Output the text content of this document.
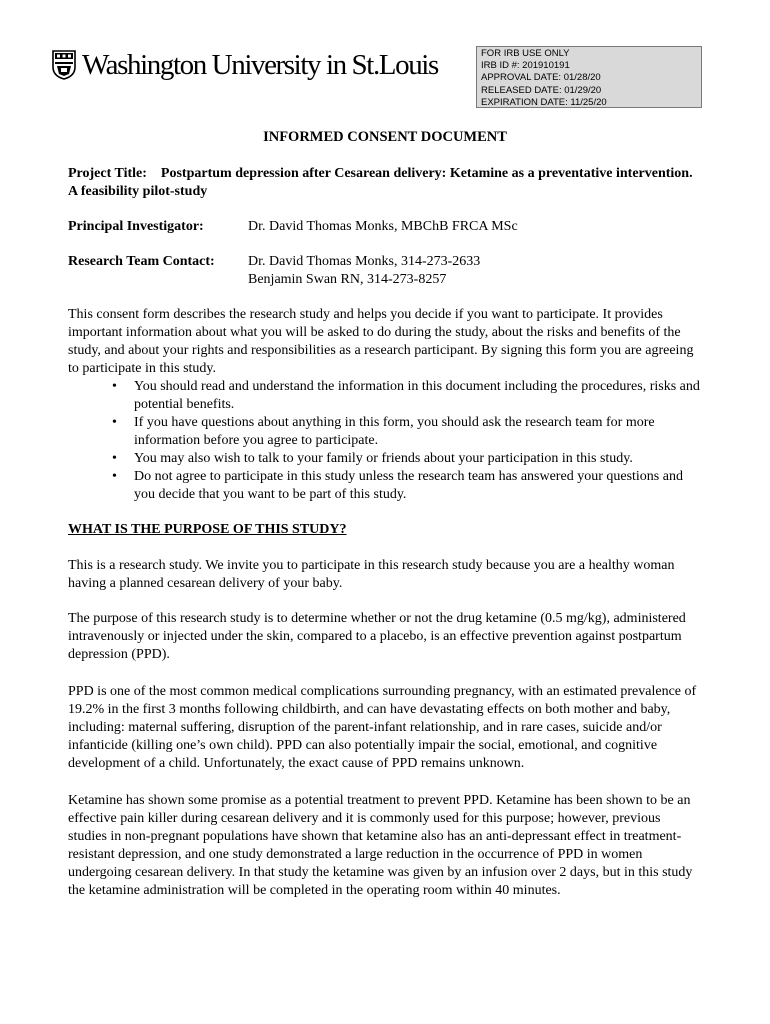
Washington University in St.Louis	FOR IRB USE ONLY
IRB ID #: 201910191
APPROVAL DATE: 01/28/20
RELEASED DATE: 01/29/20
EXPIRATION DATE: 11/25/20
INFORMED CONSENT DOCUMENT

Project Title: Postpartum depression after Cesarean delivery: Ketamine as a preventative intervention. A feasibility pilot-study

Principal Investigator:	Dr. David Thomas Monks, MBChB FRCA MSc
Research Team Contact:	Dr. David Thomas Monks, 314-273-2633
Benjamin Swan RN, 314-273-8257

This consent form describes the research study and helps you decide if you want to participate. It provides important information about what you will be asked to do during the study, about the risks and benefits of the study, and about your rights and responsibilities as a research participant. By signing this form you are agreeing to participate in this study.

• You should read and understand the information in this document including the procedures, risks and potential benefits.
• If you have questions about anything in this form, you should ask the research team for more information before you agree to participate.
• You may also wish to talk to your family or friends about your participation in this study.
• Do not agree to participate in this study unless the research team has answered your questions and you decide that you want to be part of this study.

WHAT IS THE PURPOSE OF THIS STUDY?

This is a research study. We invite you to participate in this research study because you are a healthy woman having a planned cesarean delivery of your baby.

The purpose of this research study is to determine whether or not the drug ketamine (0.5 mg/kg), administered intravenously or injected under the skin, compared to a placebo, is an effective prevention against postpartum depression (PPD).

PPD is one of the most common medical complications surrounding pregnancy, with an estimated prevalence of 19.2% in the first 3 months following childbirth, and can have devastating effects on both mother and baby, including: maternal suffering, disruption of the parent-infant relationship, and in rare cases, suicide and/or infanticide (killing one’s own child). PPD can also potentially impair the social, emotional, and cognitive development of a child. Unfortunately, the exact cause of PPD remains unknown.

Ketamine has shown some promise as a potential treatment to prevent PPD. Ketamine has been shown to be an effective pain killer during cesarean delivery and it is commonly used for this purpose; however, previous studies in non-pregnant populations have shown that ketamine also has an anti-depressant effect in treatment-resistant depression, and one study demonstrated a large reduction in the occurrence of PPD in women undergoing cesarean delivery. In that study the ketamine was given by an infusion over 2 days, but in this study the ketamine administration will be completed in the operating room within 40 minutes.
